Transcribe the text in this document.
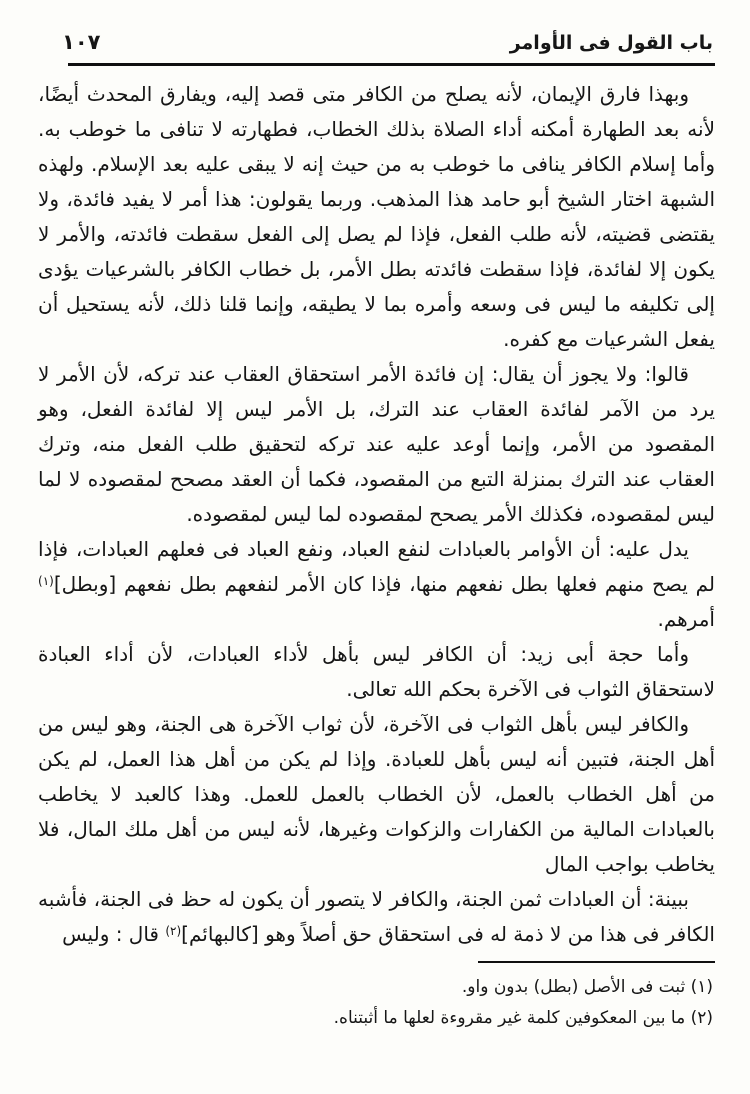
باب القول فى الأوامر
١٠٧

وبهذا فارق الإيمان، لأنه يصلح من الكافر متى قصد إليه، ويفارق المحدث أيضًا، لأنه بعد الطهارة أمكنه أداء الصلاة بذلك الخطاب، فطهارته لا تنافى ما خوطب به. وأما إسلام الكافر ينافى ما خوطب به من حيث إنه لا يبقى عليه بعد الإسلام. ولهذه الشبهة اختار الشيخ أبو حامد هذا المذهب. وربما يقولون: هذا أمر لا يفيد فائدة، ولا يقتضى قضيته، لأنه طلب الفعل، فإذا لم يصل إلى الفعل سقطت فائدته، والأمر لا يكون إلا لفائدة، فإذا سقطت فائدته بطل الأمر، بل خطاب الكافر بالشرعيات يؤدى إلى تكليفه ما ليس فى وسعه وأمره بما لا يطيقه، وإنما قلنا ذلك، لأنه يستحيل أن يفعل الشرعيات مع كفره.

قالوا: ولا يجوز أن يقال: إن فائدة الأمر استحقاق العقاب عند تركه، لأن الأمر لا يرد من الآمر لفائدة العقاب عند الترك، بل الأمر ليس إلا لفائدة الفعل، وهو المقصود من الأمر، وإنما أوعد عليه عند تركه لتحقيق طلب الفعل منه، وترك العقاب عند الترك بمنزلة التبع من المقصود، فكما أن العقد مصحح لمقصوده لا لما ليس لمقصوده، فكذلك الأمر يصحح لمقصوده لما ليس لمقصوده.

يدل عليه: أن الأوامر بالعبادات لنفع العباد، ونفع العباد فى فعلهم العبادات، فإذا لم يصح منهم فعلها بطل نفعهم منها، فإذا كان الأمر لنفعهم بطل نفعهم [وبطل]$^{(١)}$ أمرهم.

وأما حجة أبى زيد: أن الكافر ليس بأهل لأداء العبادات، لأن أداء العبادة لاستحقاق الثواب فى الآخرة بحكم الله تعالى.

والكافر ليس بأهل الثواب فى الآخرة، لأن ثواب الآخرة هى الجنة، وهو ليس من أهل الجنة، فتبين أنه ليس بأهل للعبادة. وإذا لم يكن من أهل هذا العمل، لم يكن من أهل الخطاب بالعمل، لأن الخطاب بالعمل للعمل. وهذا كالعبد لا يخاطب بالعبادات المالية من الكفارات والزكوات وغيرها، لأنه ليس من أهل ملك المال، فلا يخاطب بواجب المال

ببينة: أن العبادات ثمن الجنة، والكافر لا يتصور أن يكون له حظ فى الجنة، فأشبه الكافر فى هذا من لا ذمة له فى استحقاق حق أصلاً وهو [كالبهائم]$^{(٢)}$ قال : وليس

(١) ثبت فى الأصل (بطل) بدون واو.
(٢) ما بين المعكوفين كلمة غير مقروءة لعلها ما أثبتناه.
